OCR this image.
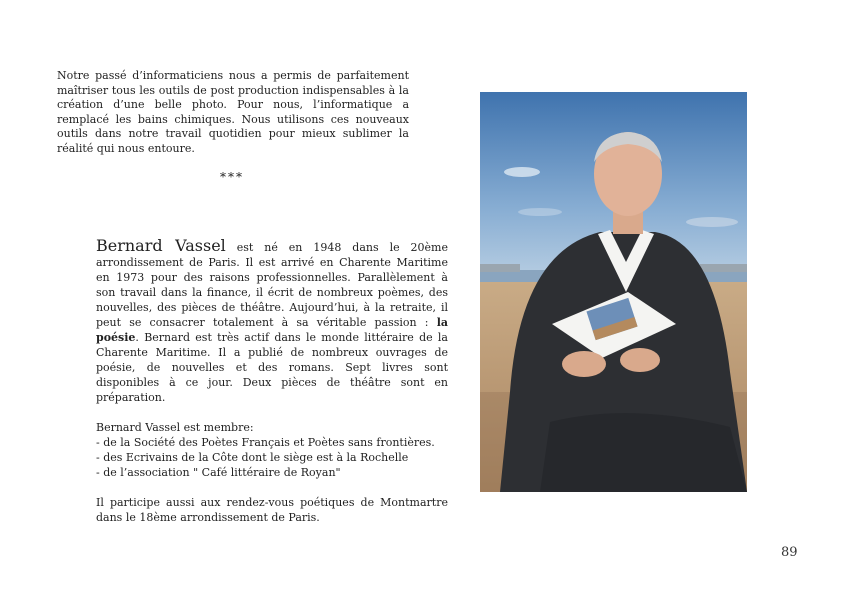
Notre passé d’informaticiens nous a permis de parfaitement maîtriser tous les outils de post production indispensables à la création d’une belle photo. Pour nous, l’informatique a remplacé les bains chimiques. Nous utilisons ces nouveaux outils dans notre travail quotidien pour mieux sublimer la réalité qui nous entoure.

***

Bernard Vassel est né en 1948 dans le 20ème arrondissement de Paris. Il est arrivé en Charente Maritime en 1973 pour des raisons professionnelles. Parallèlement à son travail dans la finance, il écrit de nombreux poèmes, des nouvelles, des pièces de théâtre. Aujourd’hui, à la retraite, il peut se consacrer totalement à sa véritable passion : la poésie. Bernard est très actif dans le monde littéraire de la Charente Maritime. Il a publié de nombreux ouvrages de poésie, de nouvelles et des romans. Sept livres sont disponibles à ce jour. Deux pièces de théâtre sont en préparation.

Bernard Vassel est membre:

- de la Société des Poètes Français et Poètes sans frontières.
- des Ecrivains de la Côte dont le siège est à la Rochelle
- de l’association " Café littéraire de Royan"

Il participe aussi aux rendez-vous poétiques de Montmartre dans le 18ème arrondissement de Paris.

89
